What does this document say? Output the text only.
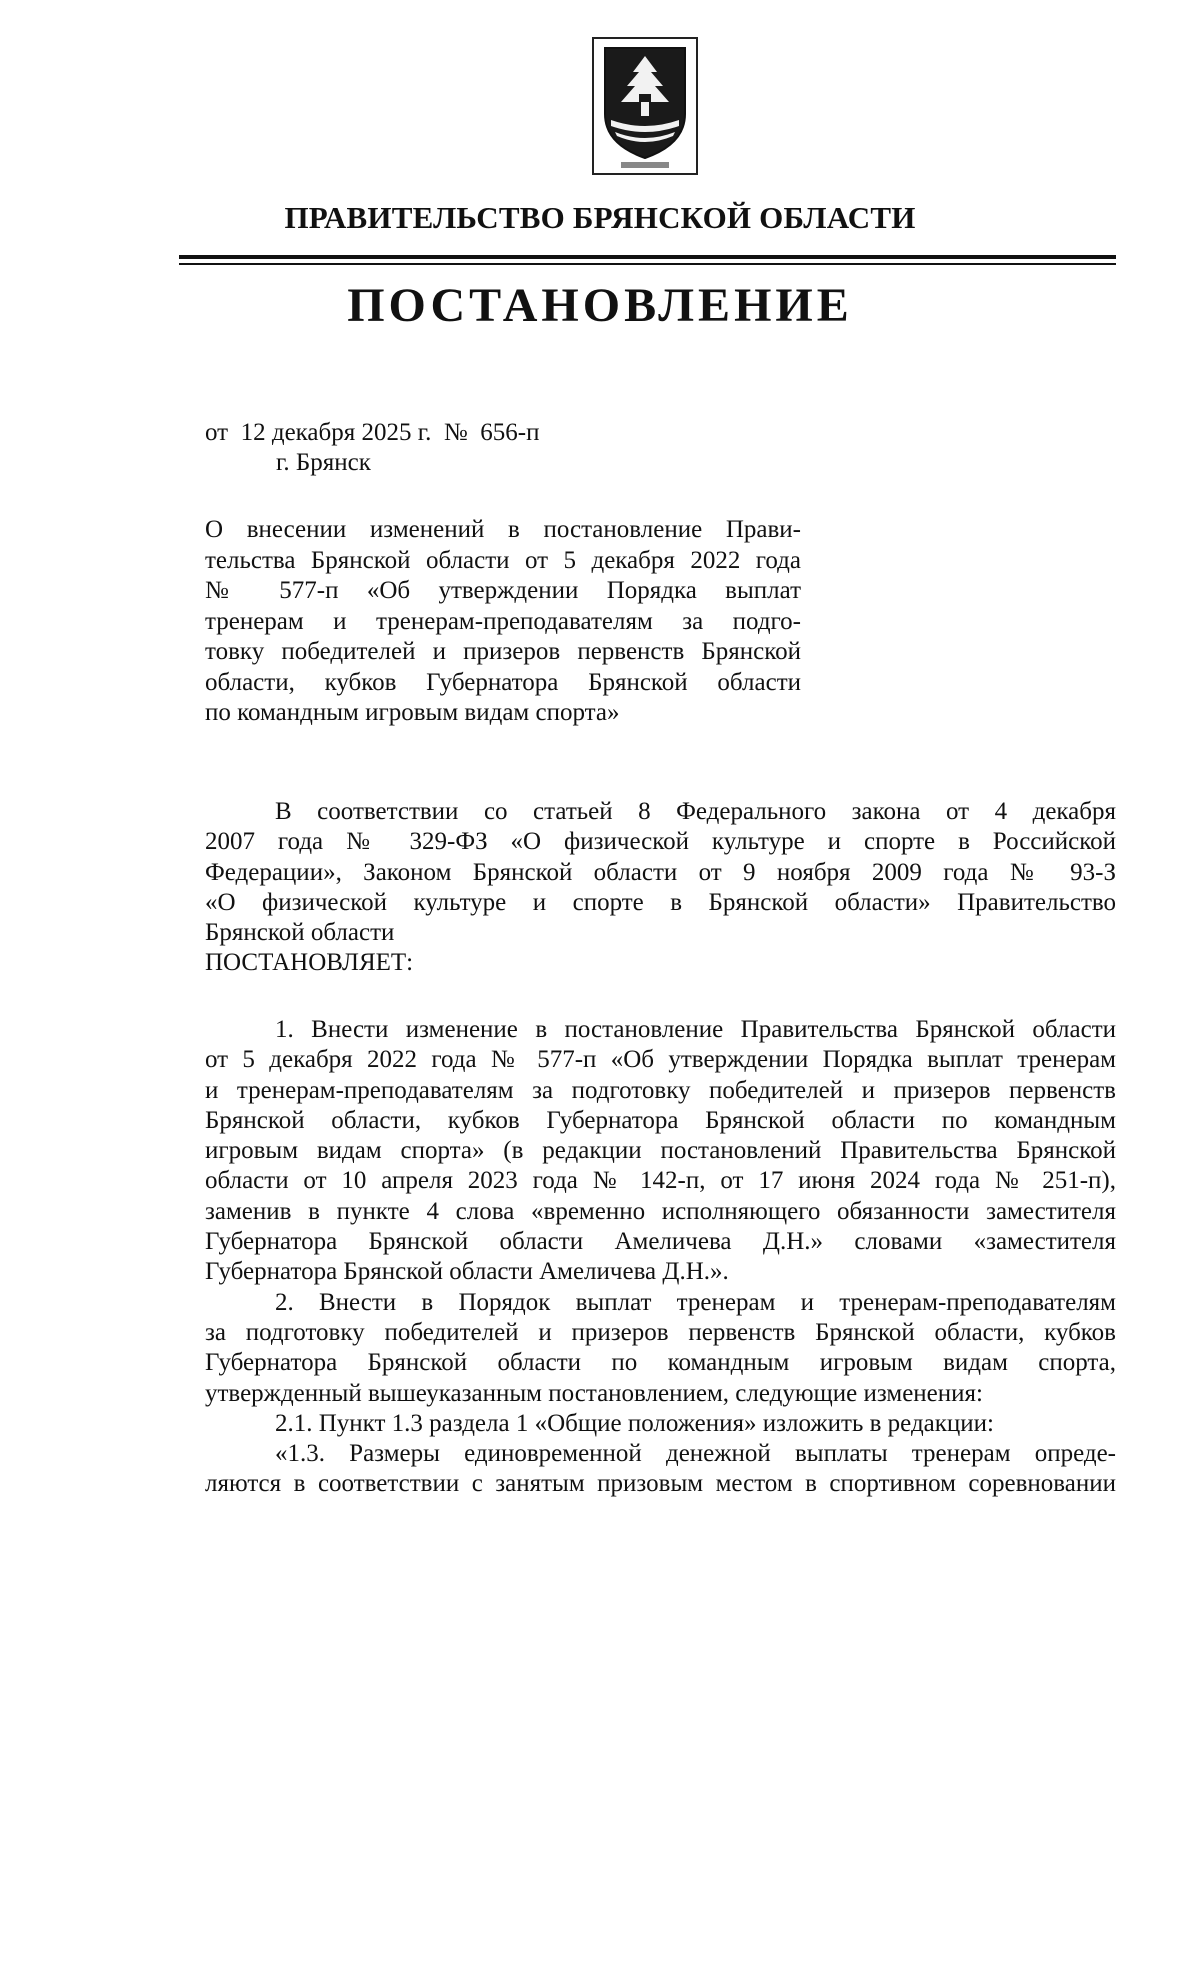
ПРАВИТЕЛЬСТВО БРЯНСКОЙ ОБЛАСТИ
ПОСТАНОВЛЕНИЕ
от  12 декабря 2025 г.  №  656-п
г. Брянск
О внесении изменений в постановление Прави-
тельства Брянской области от 5 декабря 2022 года
№ 577-п «Об утверждении Порядка выплат
тренерам и тренерам-преподавателям за подго-
товку победителей и призеров первенств Брянской
области, кубков Губернатора Брянской области
по командным игровым видам спорта»
В соответствии со статьей 8 Федерального закона от 4 декабря
2007 года № 329-ФЗ «О физической культуре и спорте в Российской
Федерации», Законом Брянской области от 9 ноября 2009 года № 93-З
«О физической культуре и спорте в Брянской области» Правительство
Брянской области
ПОСТАНОВЛЯЕТ:
1. Внести изменение в постановление Правительства Брянской области
от 5 декабря 2022 года № 577-п «Об утверждении Порядка выплат тренерам
и тренерам-преподавателям за подготовку победителей и призеров первенств
Брянской области, кубков Губернатора Брянской области по командным
игровым видам спорта» (в редакции постановлений Правительства Брянской
области от 10 апреля 2023 года № 142-п, от 17 июня 2024 года № 251-п),
заменив в пункте 4 слова «временно исполняющего обязанности заместителя
Губернатора Брянской области Амеличева Д.Н.» словами «заместителя
Губернатора Брянской области Амеличева Д.Н.».
2. Внести в Порядок выплат тренерам и тренерам-преподавателям
за подготовку победителей и призеров первенств Брянской области, кубков
Губернатора Брянской области по командным игровым видам спорта,
утвержденный вышеуказанным постановлением, следующие изменения:
2.1. Пункт 1.3 раздела 1 «Общие положения» изложить в редакции:
«1.3. Размеры единовременной денежной выплаты тренерам опреде-
ляются в соответствии с занятым призовым местом в спортивном соревновании
